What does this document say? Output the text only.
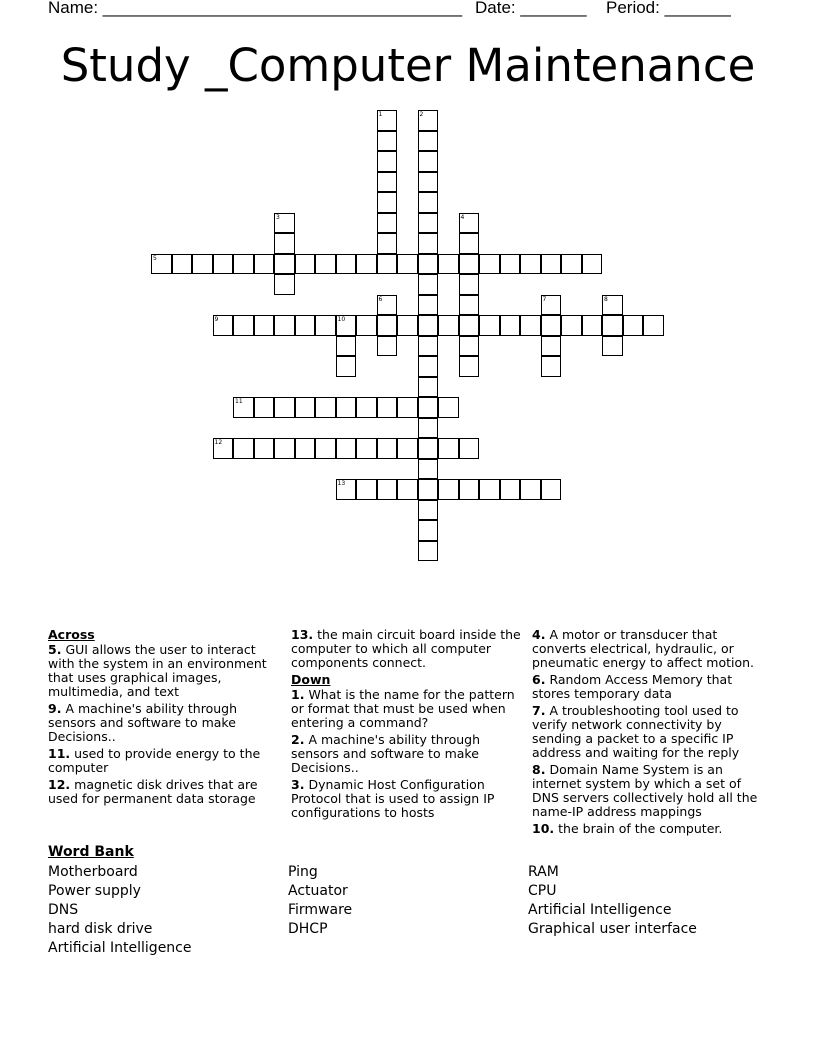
Name: ______________________________________ Date: _______ Period: _______
Study _Computer Maintenance
1	2
3	4
5
6	7	8
9	10
11
12
13
Across
5. GUI allows the user to interact with the system in an environment that uses graphical images, multimedia, and text
9. A machine's ability through sensors and software to make Decisions..
11. used to provide energy to the computer
12. magnetic disk drives that are used for permanent data storage
13. the main circuit board inside the computer to which all computer components connect.
Down
1. What is the name for the pattern or format that must be used when entering a command?
2. A machine's ability through sensors and software to make Decisions..
3. Dynamic Host Configuration Protocol that is used to assign IP configurations to hosts
4. A motor or transducer that converts electrical, hydraulic, or pneumatic energy to affect motion.
6. Random Access Memory that stores temporary data
7. A troubleshooting tool used to verify network connectivity by sending a packet to a specific IP address and waiting for the reply
8. Domain Name System is an internet system by which a set of DNS servers collectively hold all the name-IP address mappings
10. the brain of the computer.
Word Bank
Motherboard
Power supply
DNS
hard disk drive
Artificial Intelligence
Ping
Actuator
Firmware
DHCP
RAM
CPU
Artificial Intelligence
Graphical user interface
